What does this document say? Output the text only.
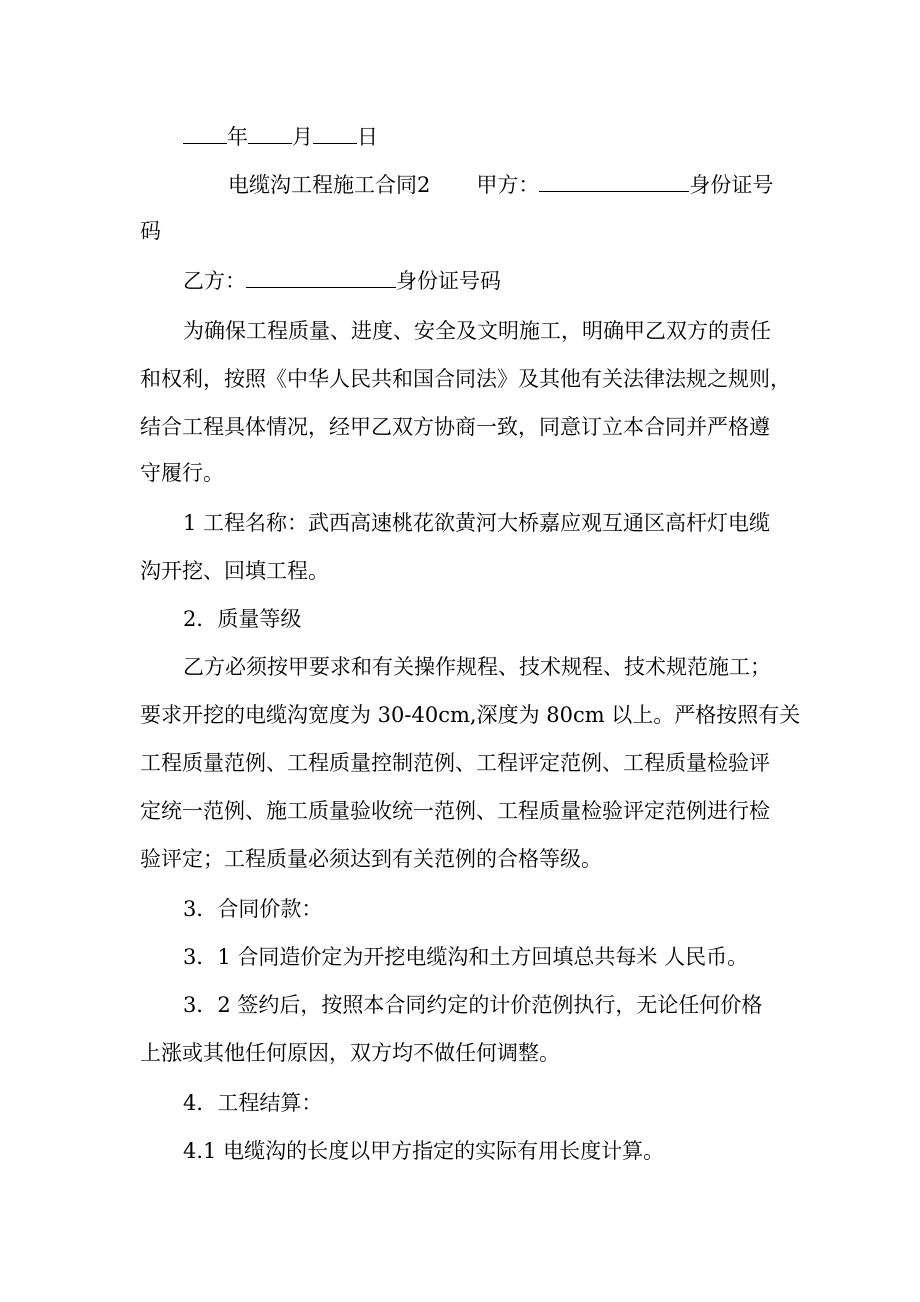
年 月 日
电缆沟工程施工合同2 甲方：	身份证号
码
乙方：	身份证号码
为确保工程质量、进度、安全及文明施工，明确甲乙双方的责任
和权利，按照《中华人民共和国合同法》及其他有关法律法规之规则，
结合工程具体情况，经甲乙双方协商一致，同意订立本合同并严格遵
守履行。
1 工程名称：武西高速桃花欲黄河大桥嘉应观互通区高杆灯电缆
沟开挖、回填工程。
2．质量等级
乙方必须按甲要求和有关操作规程、技术规程、技术规范施工；
要求开挖的电缆沟宽度为 30-40cm,深度为 80cm 以上。严格按照有关
工程质量范例、工程质量控制范例、工程评定范例、工程质量检验评
定统一范例、施工质量验收统一范例、工程质量检验评定范例进行检
验评定；工程质量必须达到有关范例的合格等级。
3．合同价款：
3．1 合同造价定为开挖电缆沟和土方回填总共每米 人民币。
3．2 签约后，按照本合同约定的计价范例执行，无论任何价格
上涨或其他任何原因，双方均不做任何调整。
4．工程结算：
4.1 电缆沟的长度以甲方指定的实际有用长度计算。
